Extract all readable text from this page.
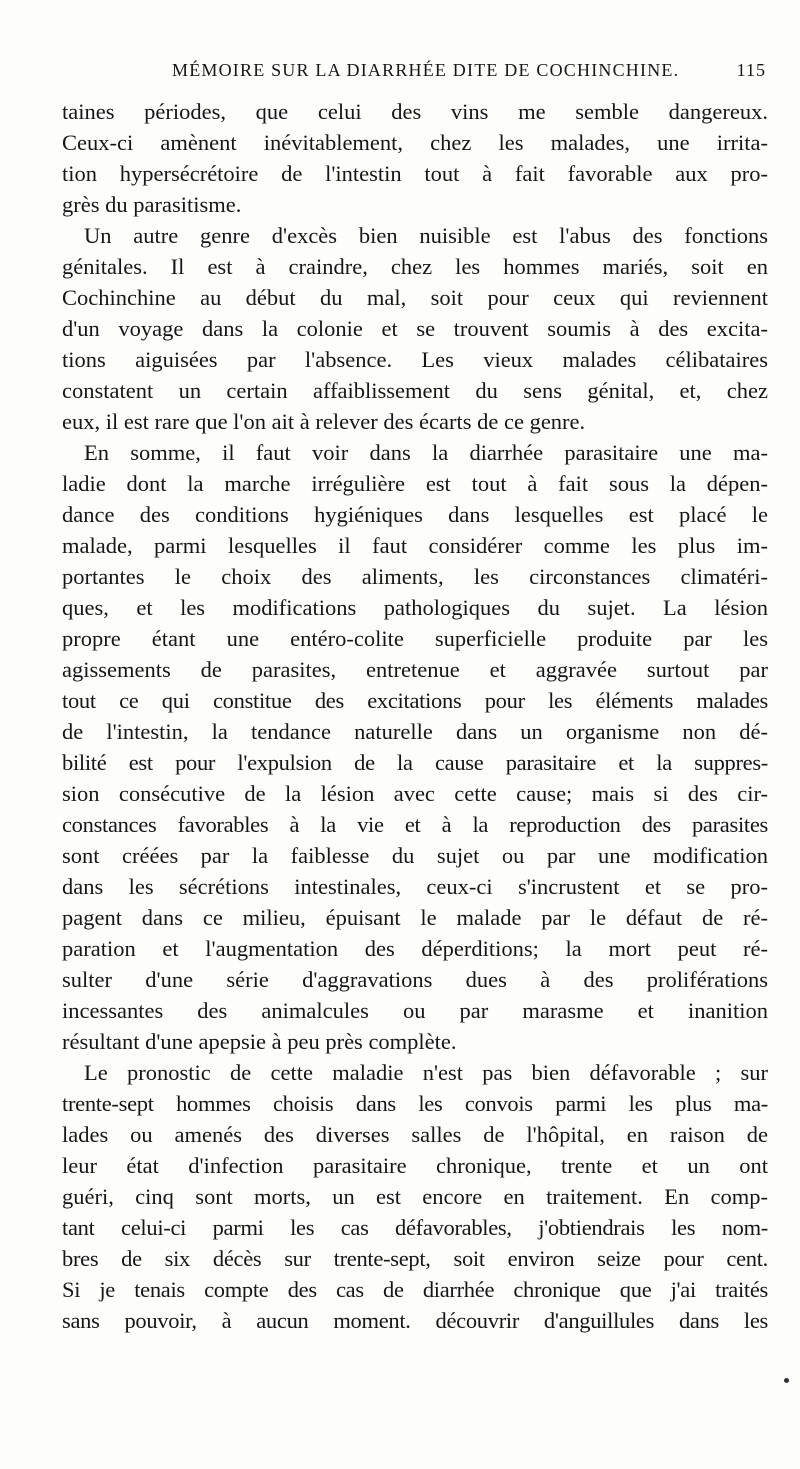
MÉMOIRE SUR LA DIARRHÉE DITE DE COCHINCHINE.	115
taines périodes, que celui des vins me semble dangereux.
Ceux-ci amènent inévitablement, chez les malades, une irrita-
tion hypersécrétoire de l'intestin tout à fait favorable aux pro-
grès du parasitisme.
Un autre genre d'excès bien nuisible est l'abus des fonctions
génitales. Il est à craindre, chez les hommes mariés, soit en
Cochinchine au début du mal, soit pour ceux qui reviennent
d'un voyage dans la colonie et se trouvent soumis à des excita-
tions aiguisées par l'absence. Les vieux malades célibataires
constatent un certain affaiblissement du sens génital, et, chez
eux, il est rare que l'on ait à relever des écarts de ce genre.
En somme, il faut voir dans la diarrhée parasitaire une ma-
ladie dont la marche irrégulière est tout à fait sous la dépen-
dance des conditions hygiéniques dans lesquelles est placé le
malade, parmi lesquelles il faut considérer comme les plus im-
portantes le choix des aliments, les circonstances climatéri-
ques, et les modifications pathologiques du sujet. La lésion
propre étant une entéro-colite superficielle produite par les
agissements de parasites, entretenue et aggravée surtout par
tout ce qui constitue des excitations pour les éléments malades
de l'intestin, la tendance naturelle dans un organisme non dé-
bilité est pour l'expulsion de la cause parasitaire et la suppres-
sion consécutive de la lésion avec cette cause; mais si des cir-
constances favorables à la vie et à la reproduction des parasites
sont créées par la faiblesse du sujet ou par une modification
dans les sécrétions intestinales, ceux-ci s'incrustent et se pro-
pagent dans ce milieu, épuisant le malade par le défaut de ré-
paration et l'augmentation des déperditions; la mort peut ré-
sulter d'une série d'aggravations dues à des proliférations
incessantes des animalcules ou par marasme et inanition
résultant d'une apepsie à peu près complète.
Le pronostic de cette maladie n'est pas bien défavorable ; sur
trente-sept hommes choisis dans les convois parmi les plus ma-
lades ou amenés des diverses salles de l'hôpital, en raison de
leur état d'infection parasitaire chronique, trente et un ont
guéri, cinq sont morts, un est encore en traitement. En comp-
tant celui-ci parmi les cas défavorables, j'obtiendrais les nom-
bres de six décès sur trente-sept, soit environ seize pour cent.
Si je tenais compte des cas de diarrhée chronique que j'ai traités
sans pouvoir, à aucun moment. découvrir d'anguillules dans les
